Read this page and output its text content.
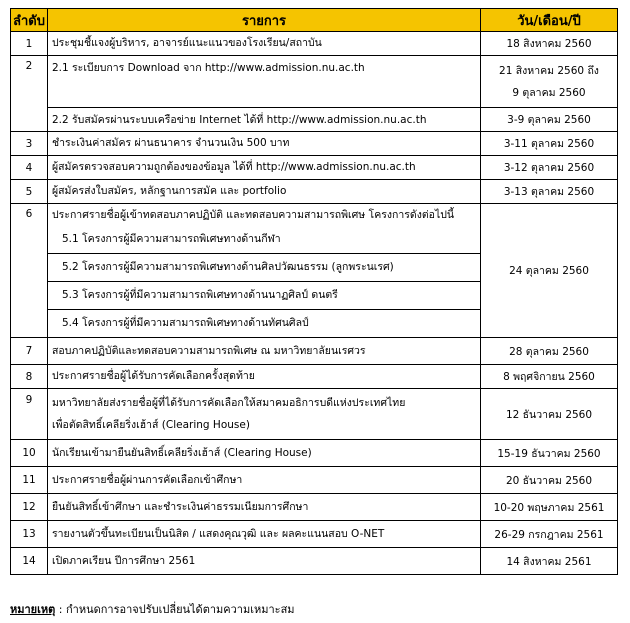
ลำดับ	รายการ	วัน/เดือน/ปี
1	ประชุมชี้แจงผู้บริหาร, อาจารย์แนะแนวของโรงเรียน/สถาบัน	18 สิงหาคม 2560
2	2.1 ระเบียบการ Download จาก http://www.admission.nu.ac.th	21 สิงหาคม 2560 ถึง
9 ตุลาคม 2560

	2.2 รับสมัครผ่านระบบเครือข่าย Internet ได้ที่ http://www.admission.nu.ac.th	3-9 ตุลาคม 2560
3	ชำระเงินค่าสมัคร ผ่านธนาคาร จำนวนเงิน 500 บาท	3-11 ตุลาคม 2560
4	ผู้สมัครตรวจสอบความถูกต้องของข้อมูล ได้ที่ http://www.admission.nu.ac.th	3-12 ตุลาคม 2560
5	ผู้สมัครส่งใบสมัคร, หลักฐานการสมัค และ portfolio	3-13 ตุลาคม 2560
6	ประกาศรายชื่อผู้เข้าทดสอบภาคปฏิบัติ และทดสอบความสามารถพิเศษ โครงการดังต่อไปนี้
5.1 โครงการผู้มีความสามารถพิเศษทางด้านกีฬา
5.2 โครงการผู้มีความสามารถพิเศษทางด้านศิลปวัฒนธรรม (ลูกพระนเรศ)
5.3 โครงการผู้ที่มีความสามารถพิเศษทางด้านนาฏศิลป์ ดนตรี
5.4 โครงการผู้ที่มีความสามารถพิเศษทางด้านทัศนศิลป์	24 ตุลาคม 2560
7	สอบภาคปฏิบัติและทดสอบความสามารถพิเศษ ณ มหาวิทยาลัยนเรศวร	28 ตุลาคม 2560
8	ประกาศรายชื่อผู้ได้รับการคัดเลือกครั้งสุดท้าย	8 พฤศจิกายน 2560
9	มหาวิทยาลัยส่งรายชื่อผู้ที่ได้รับการคัดเลือกให้สมาคมอธิการบดีแห่งประเทศไทย
เพื่อตัดสิทธิ์เคลียริ่งเฮ้าส์ (Clearing House)	12 ธันวาคม 2560
10	นักเรียนเข้ามายืนยันสิทธิ์เคลียริ่งเฮ้าส์ (Clearing House)	15-19 ธันวาคม 2560
11	ประกาศรายชื่อผู้ผ่านการคัดเลือกเข้าศึกษา	20 ธันวาคม 2560
12	ยืนยันสิทธิ์เข้าศึกษา และชำระเงินค่าธรรมเนียมการศึกษา	10-20 พฤษภาคม 2561
13	รายงานตัวขึ้นทะเบียนเป็นนิสิต / แสดงคุณวุฒิ และ ผลคะแนนสอบ O-NET	26-29 กรกฎาคม 2561
14	เปิดภาคเรียน ปีการศึกษา 2561	14 สิงหาคม 2561
หมายเหตุ : กำหนดการอาจปรับเปลี่ยนได้ตามความเหมาะสม
